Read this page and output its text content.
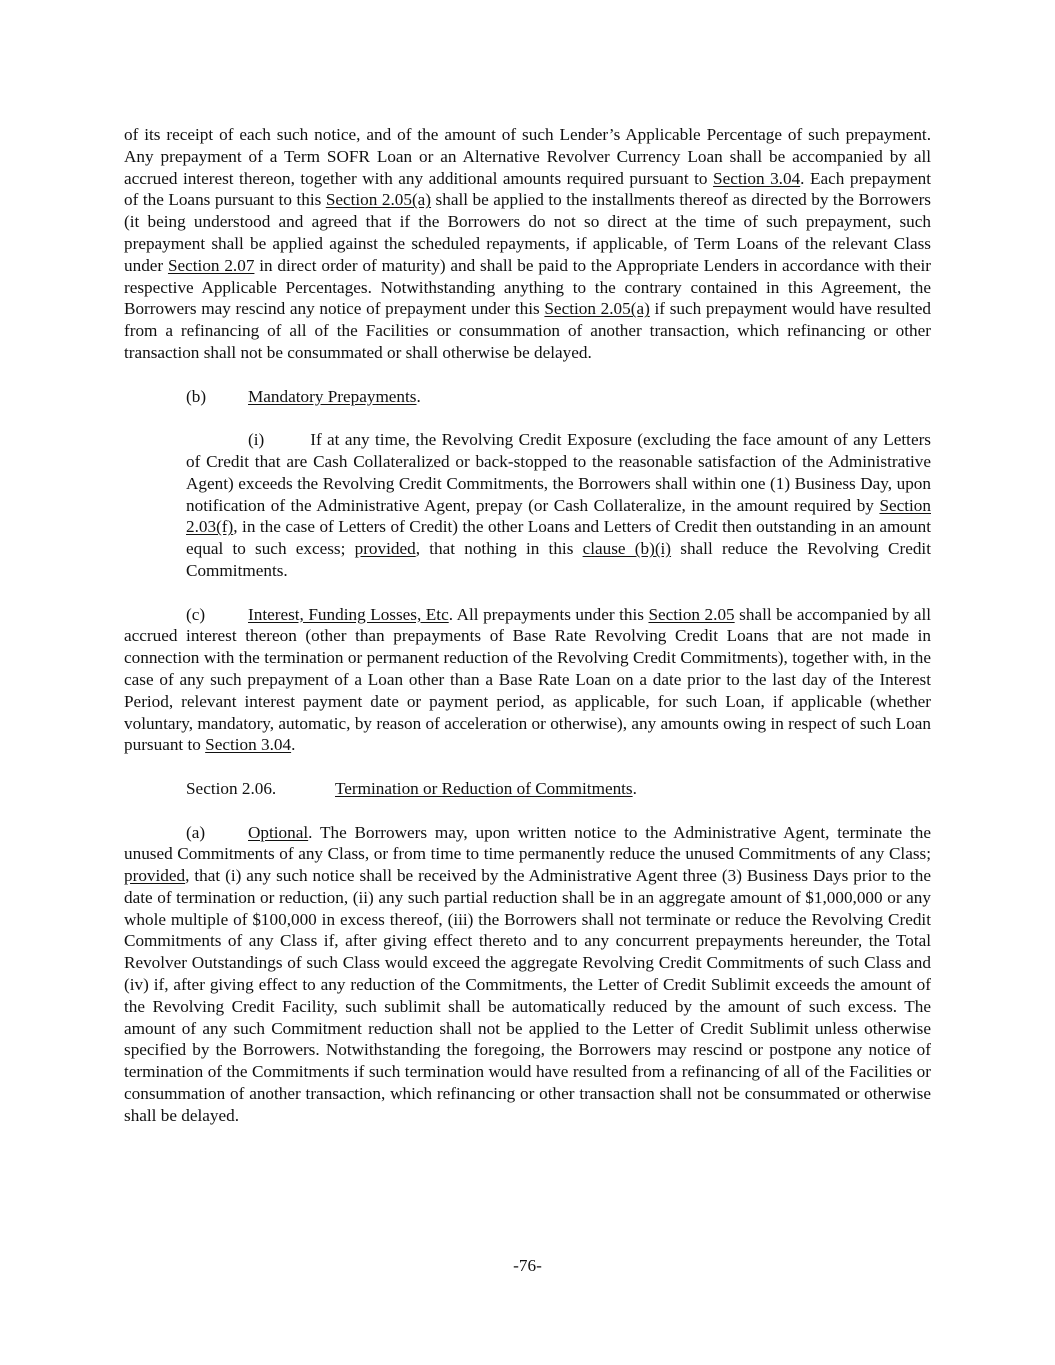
of its receipt of each such notice, and of the amount of such Lender’s Applicable Percentage of such prepayment. Any prepayment of a Term SOFR Loan or an Alternative Revolver Currency Loan shall be accompanied by all accrued interest thereon, together with any additional amounts required pursuant to Section 3.04. Each prepayment of the Loans pursuant to this Section 2.05(a) shall be applied to the installments thereof as directed by the Borrowers (it being understood and agreed that if the Borrowers do not so direct at the time of such prepayment, such prepayment shall be applied against the scheduled repayments, if applicable, of Term Loans of the relevant Class under Section 2.07 in direct order of maturity) and shall be paid to the Appropriate Lenders in accordance with their respective Applicable Percentages. Notwithstanding anything to the contrary contained in this Agreement, the Borrowers may rescind any notice of prepayment under this Section 2.05(a) if such prepayment would have resulted from a refinancing of all of the Facilities or consummation of another transaction, which refinancing or other transaction shall not be consummated or shall otherwise be delayed.

(b) Mandatory Prepayments.

(i)	If at any time, the Revolving Credit Exposure (excluding the face amount of any Letters of Credit that are Cash Collateralized or back-stopped to the reasonable satisfaction of the Administrative Agent) exceeds the Revolving Credit Commitments, the Borrowers shall within one (1) Business Day, upon notification of the Administrative Agent, prepay (or Cash Collateralize, in the amount required by Section 2.03(f), in the case of Letters of Credit) the other Loans and Letters of Credit then outstanding in an amount equal to such excess; provided, that nothing in this clause (b)(i) shall reduce the Revolving Credit Commitments.

(c) Interest, Funding Losses, Etc. All prepayments under this Section 2.05 shall be accompanied by all accrued interest thereon (other than prepayments of Base Rate Revolving Credit Loans that are not made in connection with the termination or permanent reduction of the Revolving Credit Commitments), together with, in the case of any such prepayment of a Loan other than a Base Rate Loan on a date prior to the last day of the Interest Period, relevant interest payment date or payment period, as applicable, for such Loan, if applicable (whether voluntary, mandatory, automatic, by reason of acceleration or otherwise), any amounts owing in respect of such Loan pursuant to Section 3.04.

Section 2.06.	Termination or Reduction of Commitments.

(a) Optional. The Borrowers may, upon written notice to the Administrative Agent, terminate the unused Commitments of any Class, or from time to time permanently reduce the unused Commitments of any Class; provided, that (i) any such notice shall be received by the Administrative Agent three (3) Business Days prior to the date of termination or reduction, (ii) any such partial reduction shall be in an aggregate amount of $1,000,000 or any whole multiple of $100,000 in excess thereof, (iii) the Borrowers shall not terminate or reduce the Revolving Credit Commitments of any Class if, after giving effect thereto and to any concurrent prepayments hereunder, the Total Revolver Outstandings of such Class would exceed the aggregate Revolving Credit Commitments of such Class and (iv) if, after giving effect to any reduction of the Commitments, the Letter of Credit Sublimit exceeds the amount of the Revolving Credit Facility, such sublimit shall be automatically reduced by the amount of such excess. The amount of any such Commitment reduction shall not be applied to the Letter of Credit Sublimit unless otherwise specified by the Borrowers. Notwithstanding the foregoing, the Borrowers may rescind or postpone any notice of termination of the Commitments if such termination would have resulted from a refinancing of all of the Facilities or consummation of another transaction, which refinancing or other transaction shall not be consummated or otherwise shall be delayed.

-76-
